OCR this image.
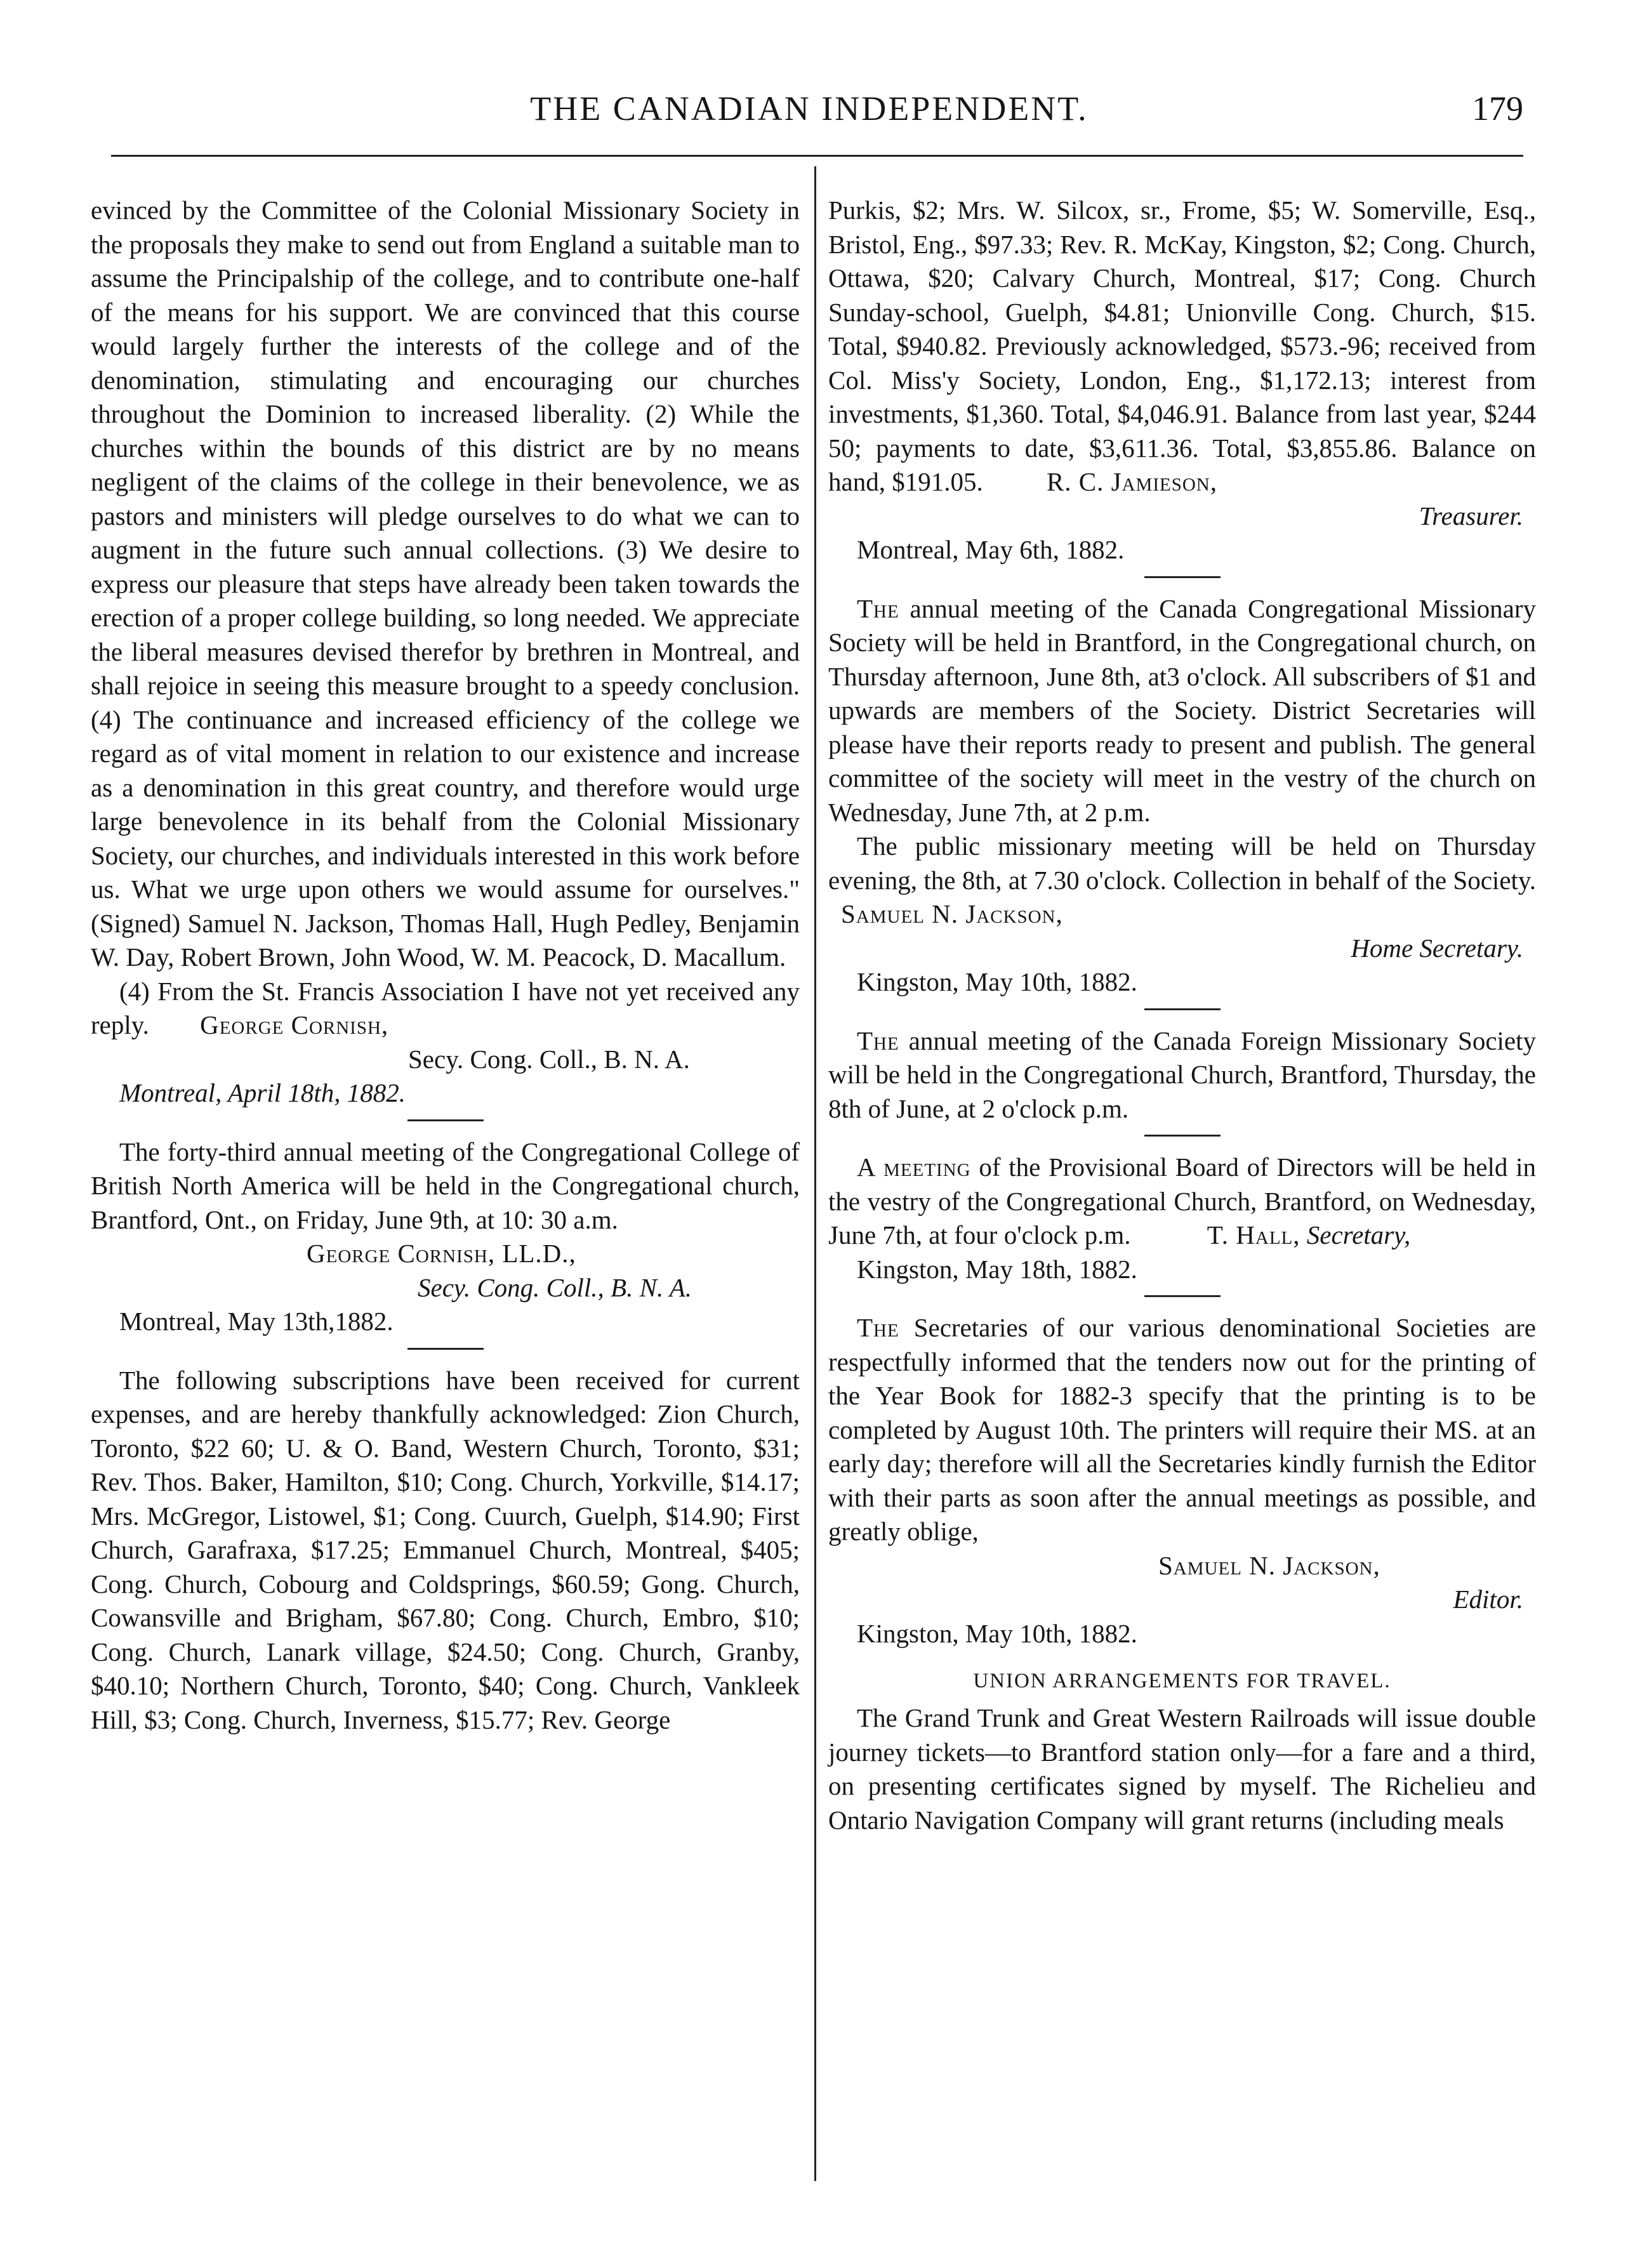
THE CANADIAN INDEPENDENT.	179

evinced by the Committee of the Colonial Missionary Society in the proposals they make to send out from England a suitable man to assume the Principalship of the college, and to contribute one-half of the means for his support. We are convinced that this course would largely further the interests of the college and of the denomination, stimulating and encouraging our churches throughout the Dominion to increased liberality. (2) While the churches within the bounds of this district are by no means negligent of the claims of the college in their benevolence, we as pastors and ministers will pledge ourselves to do what we can to augment in the future such annual collections. (3) We desire to express our pleasure that steps have already been taken towards the erection of a proper college building, so long needed. We appreciate the liberal measures devised therefor by brethren in Montreal, and shall rejoice in seeing this measure brought to a speedy conclusion. (4) The continuance and increased efficiency of the college we regard as of vital moment in relation to our existence and increase as a denomination in this great country, and therefore would urge large benevolence in its behalf from the Colonial Missionary Society, our churches, and individuals interested in this work before us. What we urge upon others we would assume for ourselves." (Signed) Samuel N. Jackson, Thomas Hall, Hugh Pedley, Benjamin W. Day, Robert Brown, John Wood, W. M. Peacock, D. Macallum.

(4) From the St. Francis Association I have not yet received any reply. George Cornish,

Secy. Cong. Coll., B. N. A.
Montreal, April 18th, 1882.

The forty-third annual meeting of the Congregational College of British North America will be held in the Congregational church, Brantford, Ont., on Friday, June 9th, at 10: 30 a.m.

George Cornish, LL.D.,
Secy. Cong. Coll., B. N. A.
Montreal, May 13th,1882.

The following subscriptions have been received for current expenses, and are hereby thankfully acknowledged: Zion Church, Toronto, $22 60; U. & O. Band, Western Church, Toronto, $31; Rev. Thos. Baker, Hamilton, $10; Cong. Church, Yorkville, $14.17; Mrs. McGregor, Listowel, $1; Cong. Cuurch, Guelph, $14.90; First Church, Garafraxa, $17.25; Emmanuel Church, Montreal, $405; Cong. Church, Cobourg and Coldsprings, $60.59; Gong. Church, Cowansville and Brigham, $67.80; Cong. Church, Embro, $10; Cong. Church, Lanark village, $24.50; Cong. Church, Granby, $40.10; Northern Church, Toronto, $40; Cong. Church, Vankleek Hill, $3; Cong. Church, Inverness, $15.77; Rev. George

Purkis, $2; Mrs. W. Silcox, sr., Frome, $5; W. Somerville, Esq., Bristol, Eng., $97.33; Rev. R. McKay, Kingston, $2; Cong. Church, Ottawa, $20; Calvary Church, Montreal, $17; Cong. Church Sunday-school, Guelph, $4.81; Unionville Cong. Church, $15. Total, $940.82. Previously acknowledged, $573.-96; received from Col. Miss'y Society, London, Eng., $1,172.13; interest from investments, $1,360. Total, $4,046.91. Balance from last year, $244 50; payments to date, $3,611.36. Total, $3,855.86. Balance on hand, $191.05. R. C. Jamieson,

Treasurer.
Montreal, May 6th, 1882.

The annual meeting of the Canada Congregational Missionary Society will be held in Brantford, in the Congregational church, on Thursday afternoon, June 8th, at3 o'clock. All subscribers of $1 and upwards are members of the Society. District Secretaries will please have their reports ready to present and publish. The general committee of the society will meet in the vestry of the church on Wednesday, June 7th, at 2 p.m.

The public missionary meeting will be held on Thursday evening, the 8th, at 7.30 o'clock. Collection in behalf of the Society. Samuel N. Jackson,

Home Secretary.
Kingston, May 10th, 1882.

The annual meeting of the Canada Foreign Missionary Society will be held in the Congregational Church, Brantford, Thursday, the 8th of June, at 2 o'clock p.m.

A meeting of the Provisional Board of Directors will be held in the vestry of the Congregational Church, Brantford, on Wednesday, June 7th, at four o'clock p.m.	T. Hall, Secretary,

Kingston, May 18th, 1882.

The Secretaries of our various denominational Societies are respectfully informed that the tenders now out for the printing of the Year Book for 1882-3 specify that the printing is to be completed by August 10th. The printers will require their MS. at an early day; therefore will all the Secretaries kindly furnish the Editor with their parts as soon after the annual meetings as possible, and greatly oblige,

Samuel N. Jackson,
Editor.
Kingston, May 10th, 1882.
UNION ARRANGEMENTS FOR TRAVEL.

The Grand Trunk and Great Western Railroads will issue double journey tickets—to Brantford station only—for a fare and a third, on presenting certificates signed by myself. The Richelieu and Ontario Navigation Company will grant returns (including meals
